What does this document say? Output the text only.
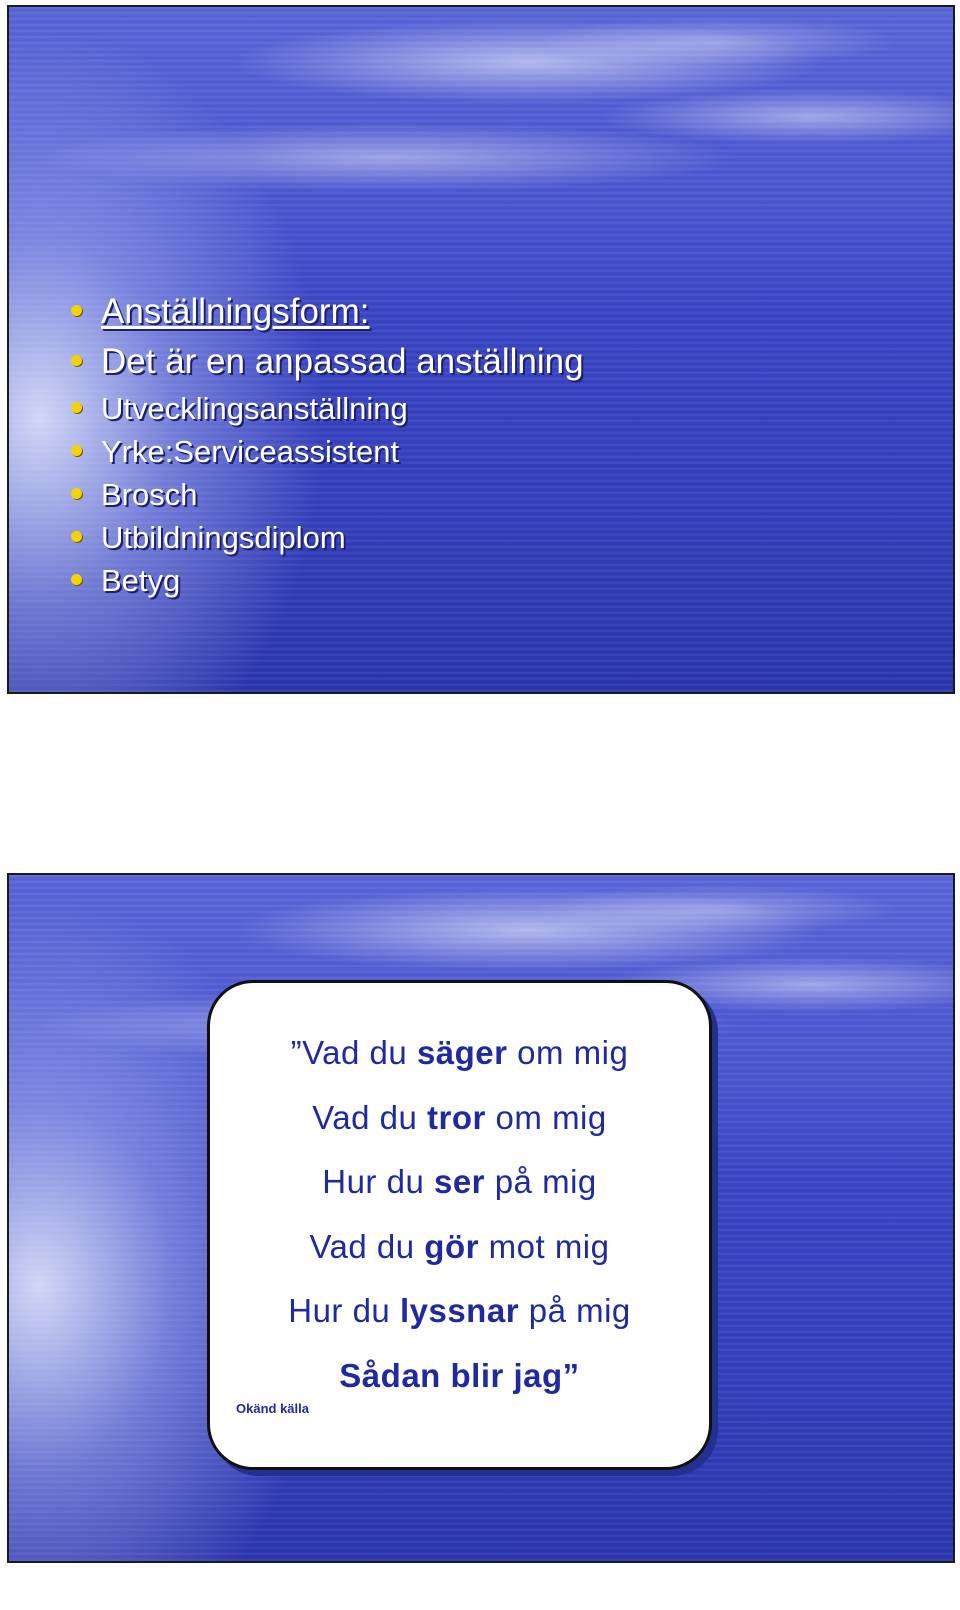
Anställningsform:
Det är en anpassad anställning
Utvecklingsanställning
Yrke:Serviceassistent
Brosch
Utbildningsdiplom
Betyg
”Vad du säger om mig
Vad du tror om mig
Hur du ser på mig
Vad du gör mot mig
Hur du lyssnar på mig
Sådan blir jag”
Okänd källa
